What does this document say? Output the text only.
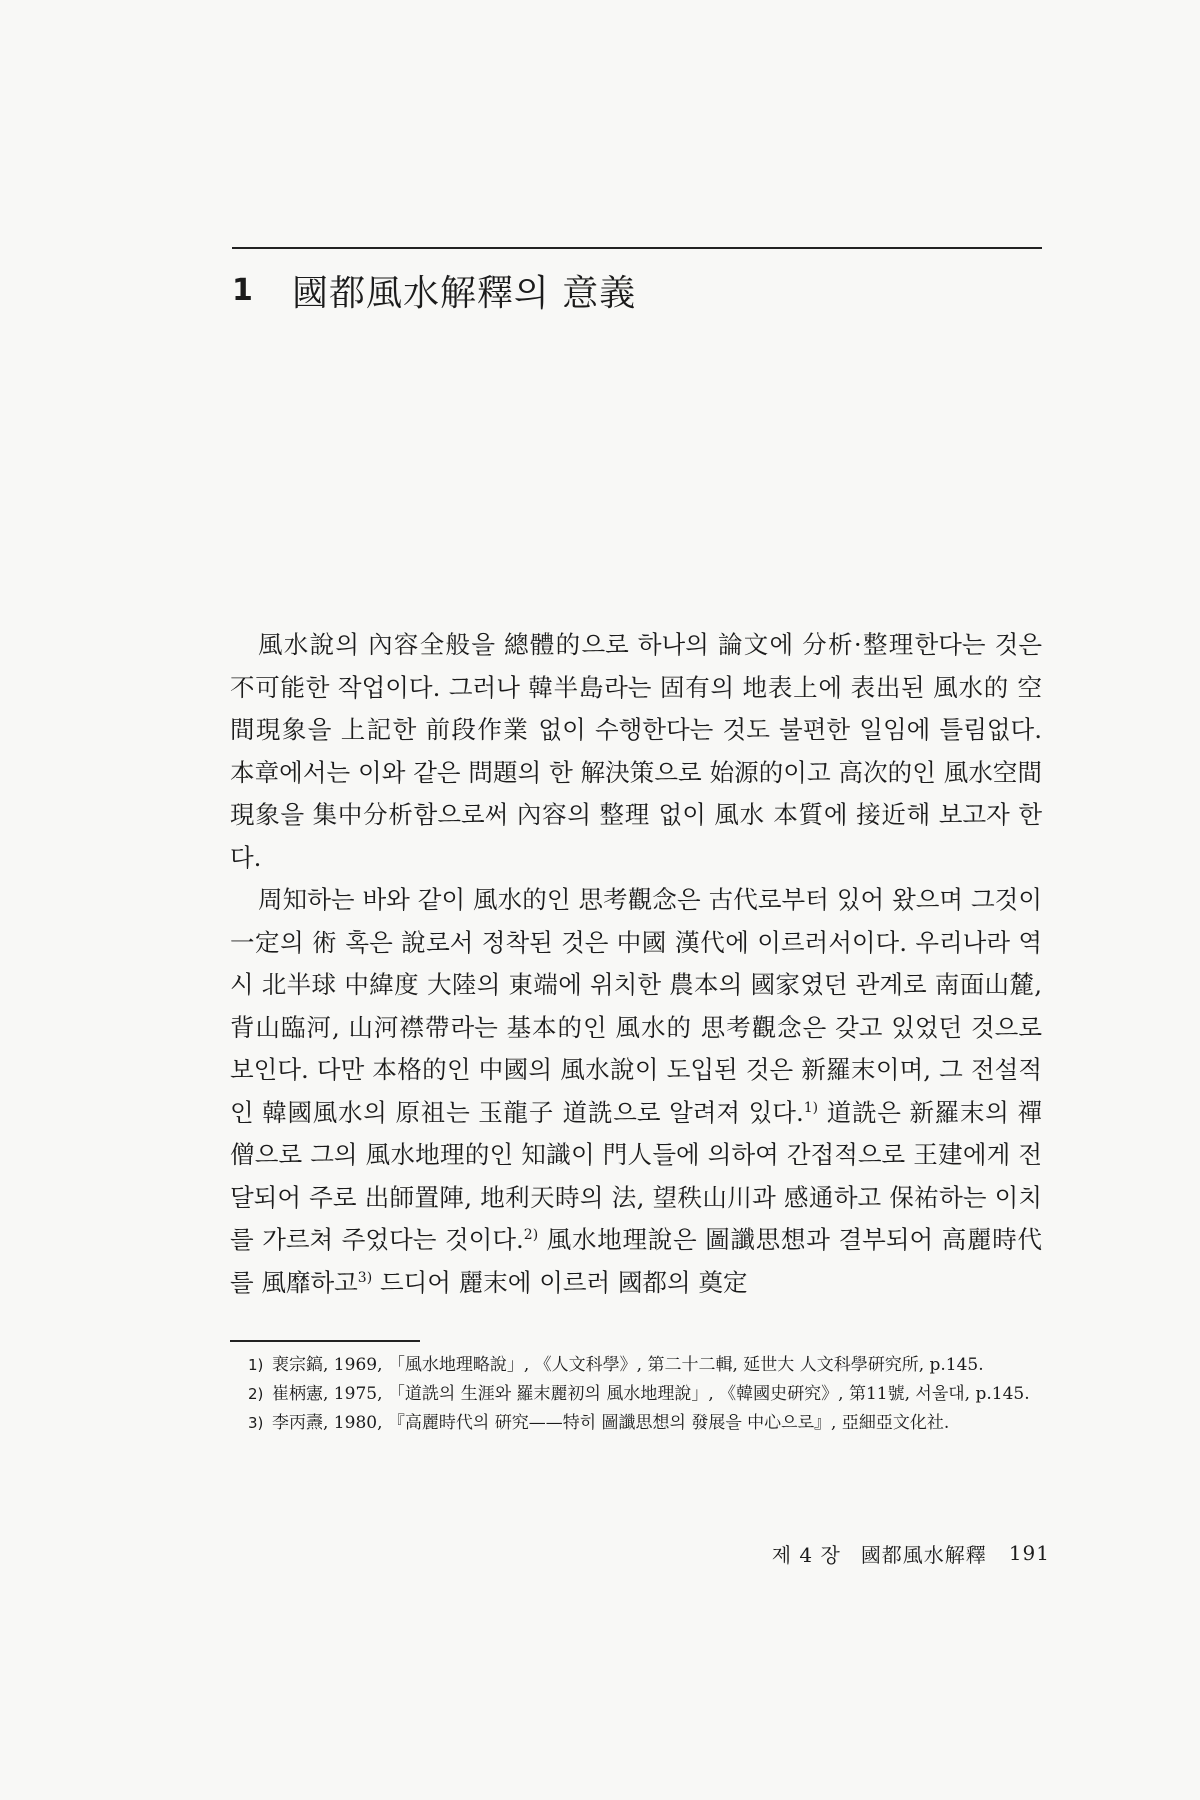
1	國都風水解釋의 意義

風水說의 內容全般을 總體的으로 하나의 論文에 分析·整理한다는 것은 不可能한 작업이다. 그러나 韓半島라는 固有의 地表上에 表出된 風水的 空間現象을 上記한 前段作業 없이 수행한다는 것도 불편한 일임에 틀림없다. 本章에서는 이와 같은 問題의 한 解決策으로 始源的이고 高次的인 風水空間現象을 集中分析함으로써 內容의 整理 없이 風水 本質에 接近해 보고자 한다.

周知하는 바와 같이 風水的인 思考觀念은 古代로부터 있어 왔으며 그것이 一定의 術 혹은 說로서 정착된 것은 中國 漢代에 이르러서이다. 우리나라 역시 北半球 中緯度 大陸의 東端에 위치한 農本의 國家였던 관계로 南面山麓, 背山臨河, 山河襟帶라는 基本的인 風水的 思考觀念은 갖고 있었던 것으로 보인다. 다만 本格的인 中國의 風水說이 도입된 것은 新羅末이며, 그 전설적인 韓國風水의 原祖는 玉龍子 道詵으로 알려져 있다.$^{1)}$ 道詵은 新羅末의 禪僧으로 그의 風水地理的인 知識이 門人들에 의하여 간접적으로 王建에게 전달되어 주로 出師置陣, 地利天時의 法, 望秩山川과 感通하고 保祐하는 이치를 가르쳐 주었다는 것이다.$^{2)}$ 風水地理說은 圖讖思想과 결부되어 高麗時代를 風靡하고$^{3)}$ 드디어 麗末에 이르러 國都의 奠定

1) 裵宗鎬, 1969, 「風水地理略說」, 《人文科學》, 第二十二輯, 延世大 人文科學硏究所, p.145.
2) 崔柄憲, 1975, 「道詵의 生涯와 羅末麗初의 風水地理說」, 《韓國史硏究》, 第11號, 서울대, p.145.
3) 李丙燾, 1980, 『高麗時代의 硏究——特히 圖讖思想의 發展을 中心으로』, 亞細亞文化社.
제 4 장 國都風水解釋 191
